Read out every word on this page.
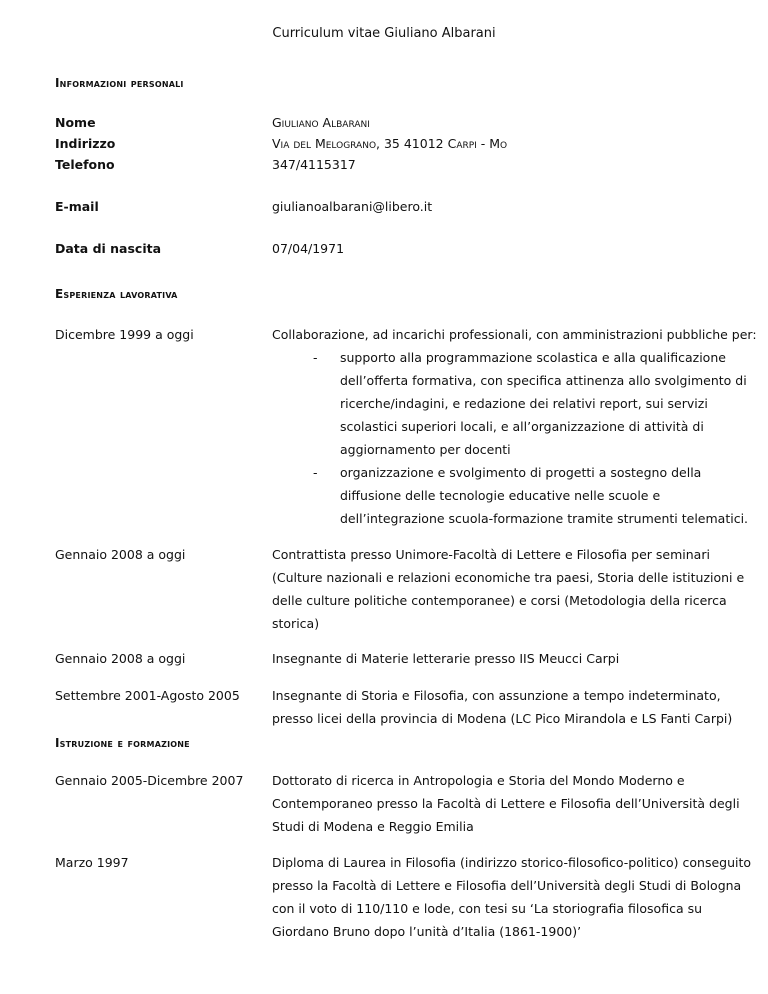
Curriculum vitae Giuliano Albarani
Informazioni personali
Nome	Giuliano Albarani
Indirizzo	Via del Melograno, 35 41012 Carpi - Mo
Telefono	347/4115317
E-mail	giulianoalbarani@libero.it
Data di nascita	07/04/1971
Esperienza lavorativa
Dicembre 1999 a oggi	Collaborazione, ad incarichi professionali, con amministrazioni pubbliche per:
- supporto alla programmazione scolastica e alla qualificazione
dell’offerta formativa, con specifica attinenza allo svolgimento di
ricerche/indagini, e redazione dei relativi report, sui servizi
scolastici superiori locali, e all’organizzazione di attività di
aggiornamento per docenti
- organizzazione e svolgimento di progetti a sostegno della
diffusione delle tecnologie educative nelle scuole e
dell’integrazione scuola-formazione tramite strumenti telematici.
Gennaio 2008 a oggi	Contrattista presso Unimore-Facoltà di Lettere e Filosofia per seminari
(Culture nazionali e relazioni economiche tra paesi, Storia delle istituzioni e
delle culture politiche contemporanee) e corsi (Metodologia della ricerca
storica)
Gennaio 2008 a oggi	Insegnante di Materie letterarie presso IIS Meucci Carpi
Settembre 2001-Agosto 2005	Insegnante di Storia e Filosofia, con assunzione a tempo indeterminato,
presso licei della provincia di Modena (LC Pico Mirandola e LS Fanti Carpi)
Istruzione e formazione
Gennaio 2005-Dicembre 2007 Dottorato di ricerca in Antropologia e Storia del Mondo Moderno e
Contemporaneo presso la Facoltà di Lettere e Filosofia dell’Università degli
Studi di Modena e Reggio Emilia
Marzo 1997	Diploma di Laurea in Filosofia (indirizzo storico-filosofico-politico) conseguito
presso la Facoltà di Lettere e Filosofia dell’Università degli Studi di Bologna
con il voto di 110/110 e lode, con tesi su ‘La storiografia filosofica su
Giordano Bruno dopo l’unità d’Italia (1861-1900)’
